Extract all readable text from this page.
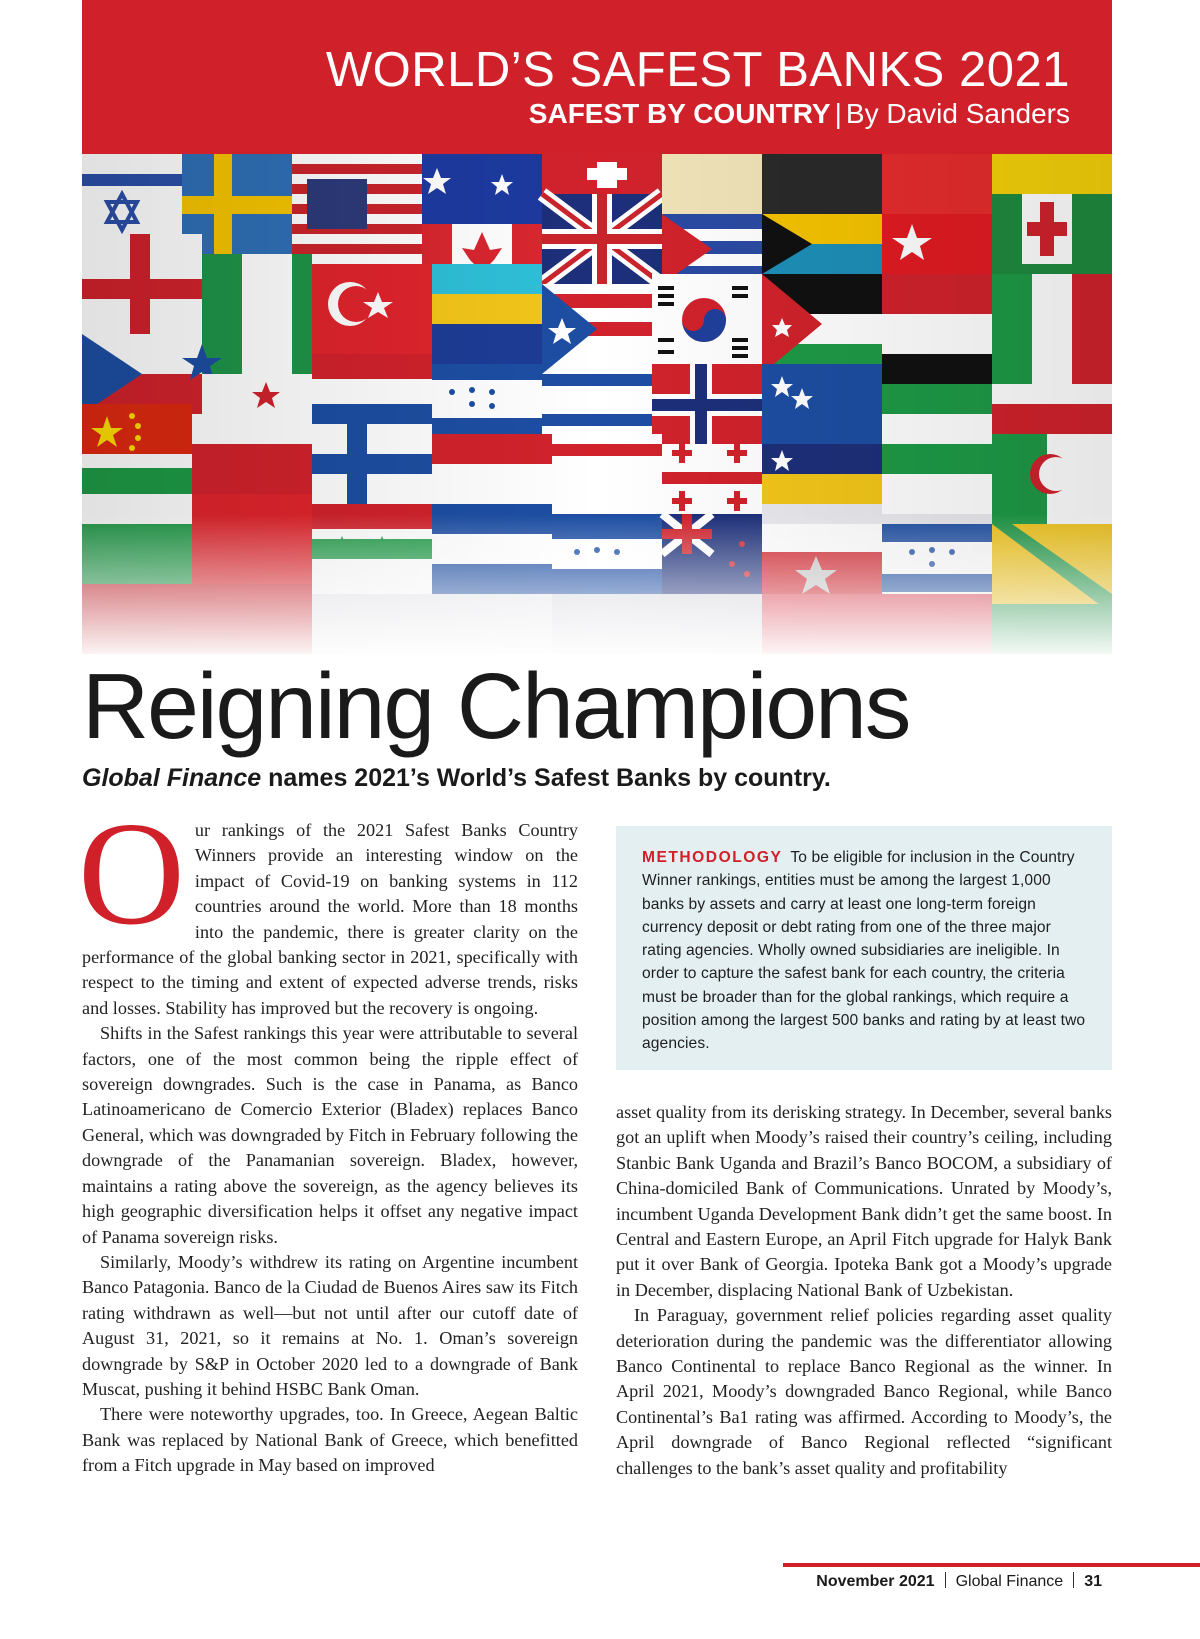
WORLD’S SAFEST BANKS 2021
SAFEST BY COUNTRY | By David Sanders
Reigning Champions
Global Finance names 2021’s World’s Safest Banks by country.

Our rankings of the 2021 Safest Banks Country Winners provide an interesting window on the impact of Covid-19 on banking systems in 112 countries around the world. More than 18 months into the pandemic, there is greater clarity on the performance of the global banking sector in 2021, specifically with respect to the timing and extent of expected adverse trends, risks and losses. Stability has improved but the recovery is ongoing.

Shifts in the Safest rankings this year were attributable to several factors, one of the most common being the ripple effect of sovereign downgrades. Such is the case in Panama, as Banco Latinoamericano de Comercio Exterior (Bladex) replaces Banco General, which was downgraded by Fitch in February following the downgrade of the Panamanian sovereign. Bladex, however, maintains a rating above the sovereign, as the agency believes its high geographic diversification helps it offset any negative impact of Panama sovereign risks.

Similarly, Moody’s withdrew its rating on Argentine incumbent Banco Patagonia. Banco de la Ciudad de Buenos Aires saw its Fitch rating withdrawn as well—but not until after our cutoff date of August 31, 2021, so it remains at No. 1. Oman’s sovereign downgrade by S&P in October 2020 led to a downgrade of Bank Muscat, pushing it behind HSBC Bank Oman.

There were noteworthy upgrades, too. In Greece, Aegean Baltic Bank was replaced by National Bank of Greece, which benefitted from a Fitch upgrade in May based on improved

METHODOLOGY To be eligible for inclusion in the Country Winner rankings, entities must be among the largest 1,000 banks by assets and carry at least one long-term foreign currency deposit or debt rating from one of the three major rating agencies. Wholly owned subsidiaries are ineligible. In order to capture the safest bank for each country, the criteria must be broader than for the global rankings, which require a position among the largest 500 banks and rating by at least two agencies.

asset quality from its derisking strategy. In December, several banks got an uplift when Moody’s raised their country’s ceiling, including Stanbic Bank Uganda and Brazil’s Banco BOCOM, a subsidiary of China-domiciled Bank of Communications. Unrated by Moody’s, incumbent Uganda Development Bank didn’t get the same boost. In Central and Eastern Europe, an April Fitch upgrade for Halyk Bank put it over Bank of Georgia. Ipoteka Bank got a Moody’s upgrade in December, displacing National Bank of Uzbekistan.

In Paraguay, government relief policies regarding asset quality deterioration during the pandemic was the differentiator allowing Banco Continental to replace Banco Regional as the winner. In April 2021, Moody’s downgraded Banco Regional, while Banco Continental’s Ba1 rating was affirmed. According to Moody’s, the April downgrade of Banco Regional reflected “significant challenges to the bank’s asset quality and profitability

November 2021 Global Finance 31
